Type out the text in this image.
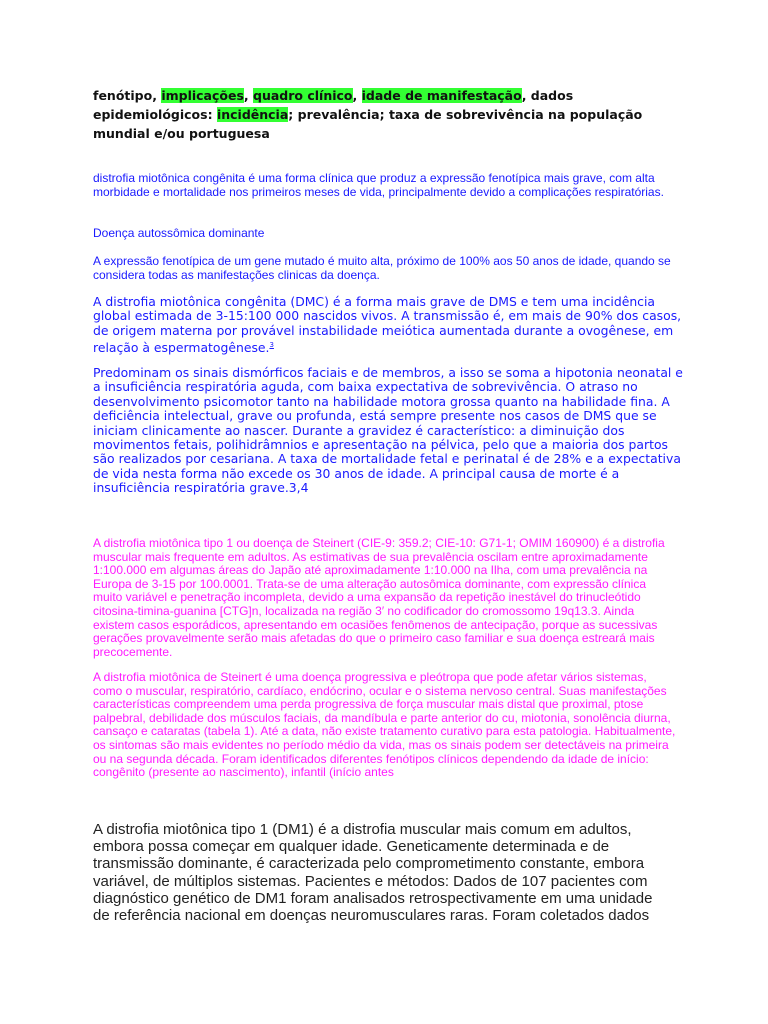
fenótipo, implicações, quadro clínico, idade de manifestação, dados epidemiológicos: incidência; prevalência; taxa de sobrevivência na população mundial e/ou portuguesa

distrofia miotônica congênita é uma forma clínica que produz a expressão fenotípica mais grave, com alta morbidade e mortalidade nos primeiros meses de vida, principalmente devido a complicações respiratórias.

Doença autossômica dominante

A expressão fenotípica de um gene mutado é muito alta, próximo de 100% aos 50 anos de idade, quando se considera todas as manifestações clinicas da doença.

A distrofia miotônica congênita (DMC) é a forma mais grave de DMS e tem uma incidência global estimada de 3-15:100 000 nascidos vivos. A transmissão é, em mais de 90% dos casos, de origem materna por provável instabilidade meiótica aumentada durante a ovogênese, em relação à espermatogênese.$^3$

Predominam os sinais dismórficos faciais e de membros, a isso se soma a hipotonia neonatal e a insuficiência respiratória aguda, com baixa expectativa de sobrevivência. O atraso no desenvolvimento psicomotor tanto na habilidade motora grossa quanto na habilidade fina. A deficiência intelectual, grave ou profunda, está sempre presente nos casos de DMS que se iniciam clinicamente ao nascer. Durante a gravidez é característico: a diminuição dos movimentos fetais, polihidrâmnios e apresentação na pélvica, pelo que a maioria dos partos são realizados por cesariana. A taxa de mortalidade fetal e perinatal é de 28% e a expectativa de vida nesta forma não excede os 30 anos de idade. A principal causa de morte é a insuficiência respiratória grave.3,4

A distrofia miotônica tipo 1 ou doença de Steinert (CIE-9: 359.2; CIE-10: G71-1; OMIM 160900) é a distrofia muscular mais frequente em adultos. As estimativas de sua prevalência oscilam entre aproximadamente 1:100.000 em algumas áreas do Japão até aproximadamente 1:10.000 na Ilha, com uma prevalência na Europa de 3-15 por 100.0001. Trata-se de uma alteração autosômica dominante, com expressão clínica muito variável e penetração incompleta, devido a uma expansão da repetição inestável do trinucleótido citosina-timina-guanina [CTG]n, localizada na região 3′ no codificador do cromossomo 19q13.3. Ainda existem casos esporádicos, apresentando em ocasiões fenômenos de antecipação, porque as sucessivas gerações provavelmente serão mais afetadas do que o primeiro caso familiar e sua doença estreará mais precocemente.

A distrofia miotônica de Steinert é uma doença progressiva e pleótropa que pode afetar vários sistemas, como o muscular, respiratório, cardíaco, endócrino, ocular e o sistema nervoso central. Suas manifestações características compreendem uma perda progressiva de força muscular mais distal que proximal, ptose palpebral, debilidade dos músculos faciais, da mandíbula e parte anterior do cu, miotonia, sonolência diurna, cansaço e cataratas (tabela 1). Até a data, não existe tratamento curativo para esta patologia. Habitualmente, os sintomas são mais evidentes no período médio da vida, mas os sinais podem ser detectáveis na primeira ou na segunda década. Foram identificados diferentes fenótipos clínicos dependendo da idade de início: congênito (presente ao nascimento), infantil (início antes

A distrofia miotônica tipo 1 (DM1) é a distrofia muscular mais comum em adultos, embora possa começar em qualquer idade. Geneticamente determinada e de transmissão dominante, é caracterizada pelo comprometimento constante, embora variável, de múltiplos sistemas. Pacientes e métodos: Dados de 107 pacientes com diagnóstico genético de DM1 foram analisados retrospectivamente em uma unidade de referência nacional em doenças neuromusculares raras. Foram coletados dados
